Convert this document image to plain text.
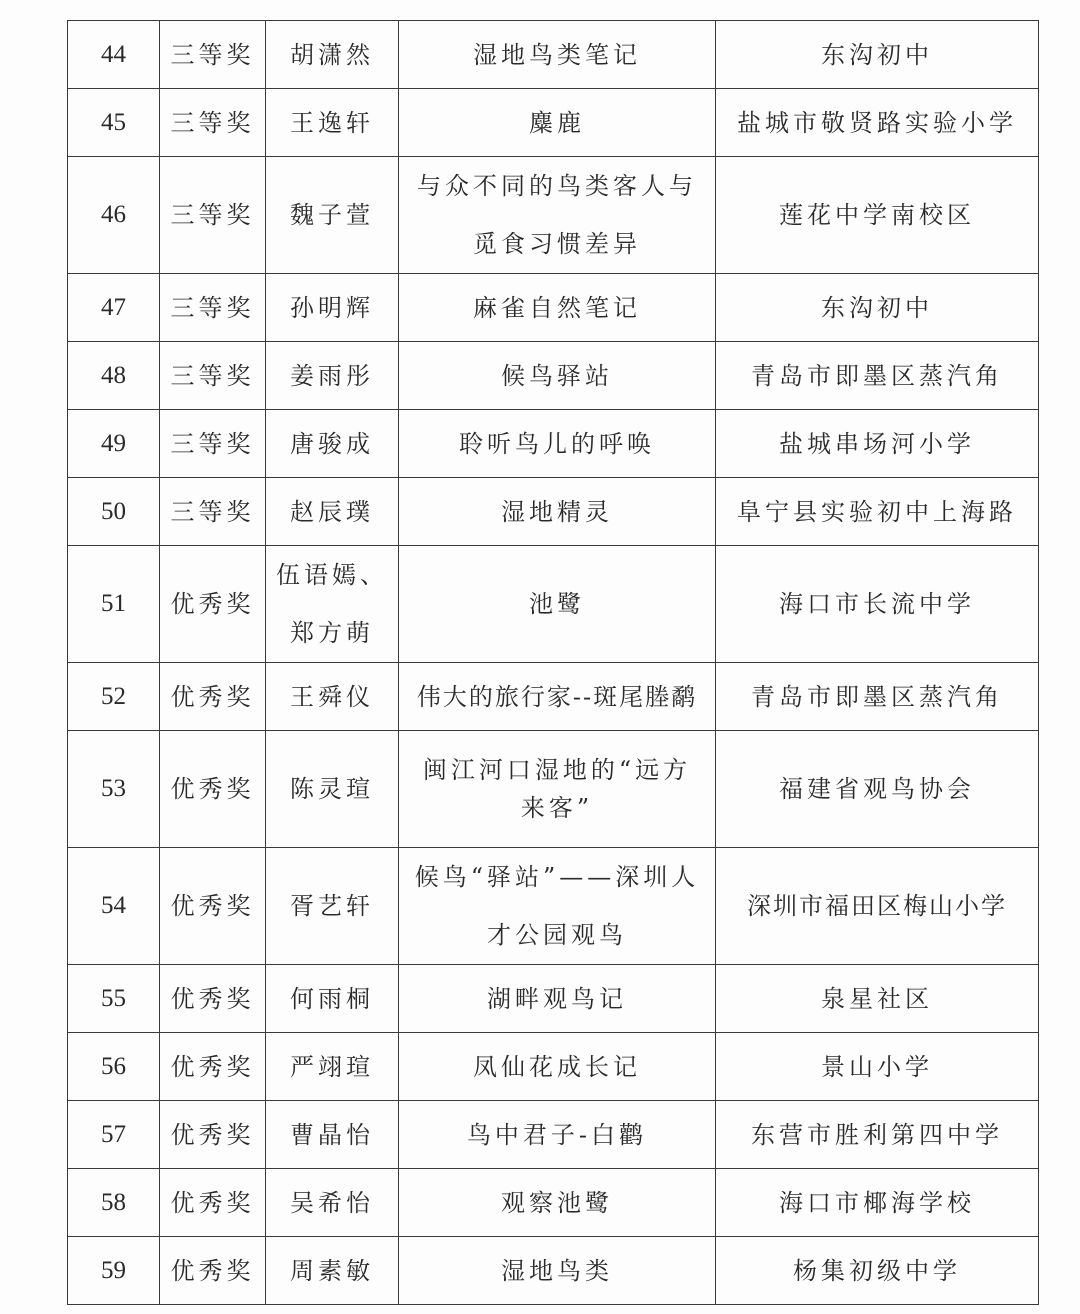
44	三等奖	胡潇然	湿地鸟类笔记	东沟初中
45	三等奖	王逸轩	麋鹿	盐城市敬贤路实验小学
46	三等奖	魏子萱	与众不同的鸟类客人与觅食习惯差异	莲花中学南校区
47	三等奖	孙明辉	麻雀自然笔记	东沟初中
48	三等奖	姜雨彤	候鸟驿站	青岛市即墨区蒸汽角
49	三等奖	唐骏成	聆听鸟儿的呼唤	盐城串场河小学
50	三等奖	赵辰璞	湿地精灵	阜宁县实验初中上海路
51	优秀奖	伍语嫣、郑方萌	池鹭	海口市长流中学
52	优秀奖	王舜仪	伟大的旅行家--斑尾塍鹬	青岛市即墨区蒸汽角
53	优秀奖	陈灵瑄	闽江河口湿地的“远方来客”	福建省观鸟协会
54	优秀奖	胥艺轩	候鸟“驿站”——深圳人才公园观鸟	深圳市福田区梅山小学
55	优秀奖	何雨桐	湖畔观鸟记	泉星社区
56	优秀奖	严翊瑄	凤仙花成长记	景山小学
57	优秀奖	曹晶怡	鸟中君子-白鹳	东营市胜利第四中学
58	优秀奖	吴希怡	观察池鹭	海口市椰海学校
59	优秀奖	周素敏	湿地鸟类	杨集初级中学
